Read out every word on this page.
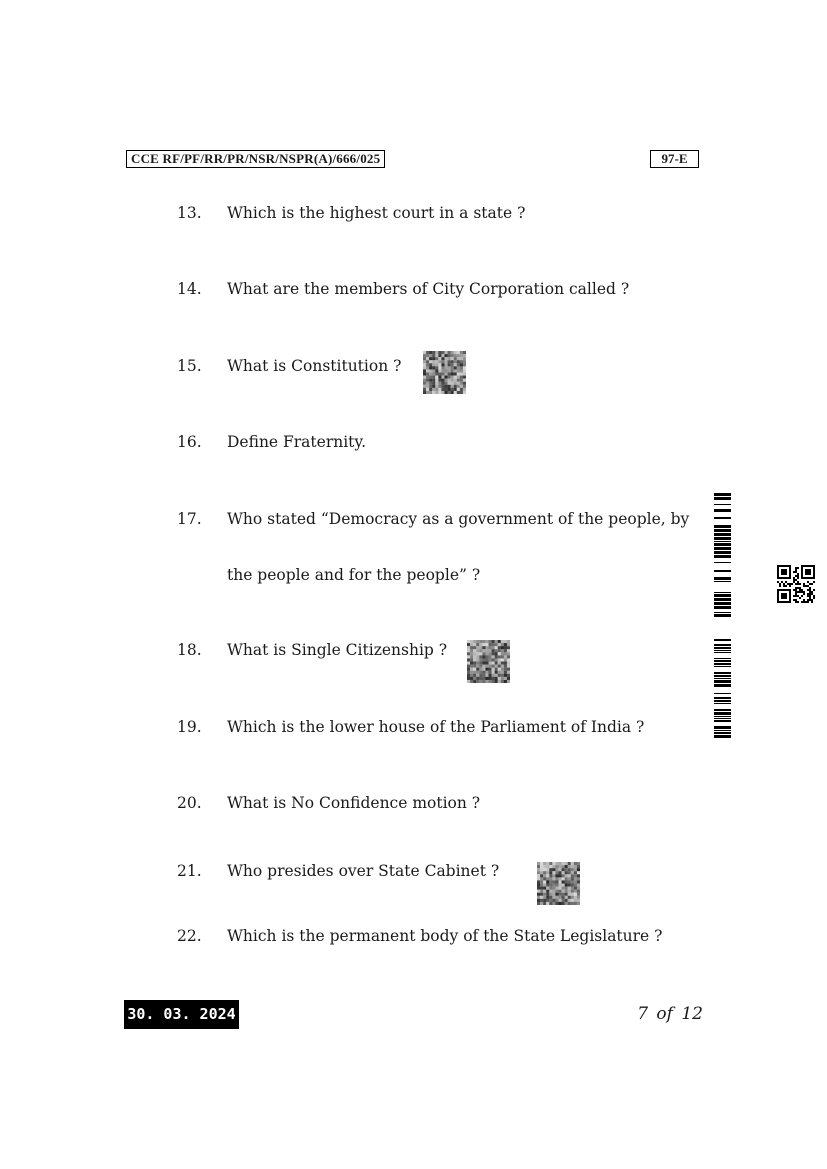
CCE RF/PF/RR/PR/NSR/NSPR(A)/666/025	97-E
13. Which is the highest court in a state ?
14. What are the members of City Corporation called ?
15. What is Constitution ?
16. Define Fraternity.
17. Who stated “Democracy as a government of the people, by
the people and for the people” ?
18. What is Single Citizenship ?
19. Which is the lower house of the Parliament of India ?
20. What is No Confidence motion ?
21. Who presides over State Cabinet ?
22. Which is the permanent body of the State Legislature ?
30. 03. 2024	7 of 12
